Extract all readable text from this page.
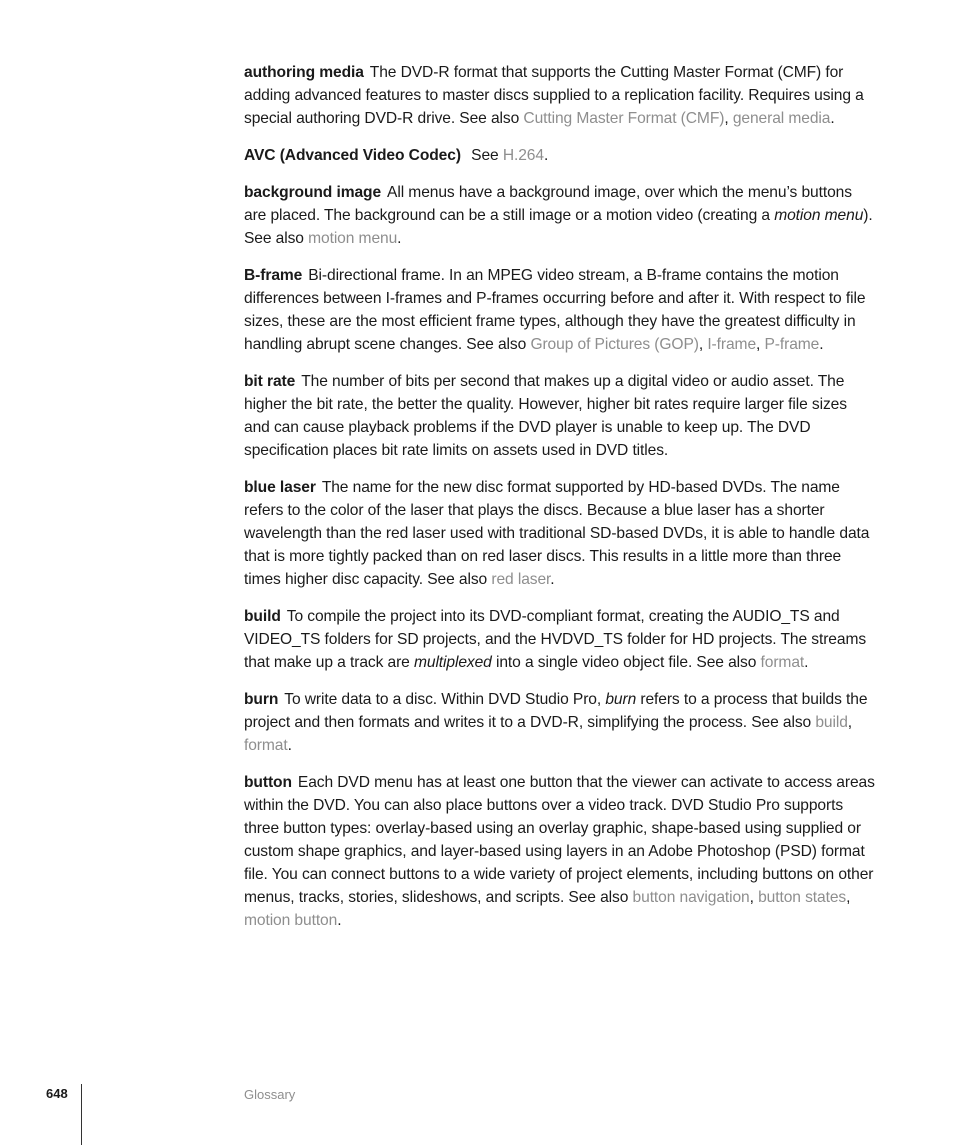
authoring media The DVD-R format that supports the Cutting Master Format (CMF) for adding advanced features to master discs supplied to a replication facility. Requires using a special authoring DVD-R drive. See also Cutting Master Format (CMF), general media.

AVC (Advanced Video Codec) See H.264.

background image All menus have a background image, over which the menu’s buttons are placed. The background can be a still image or a motion video (creating a motion menu). See also motion menu.

B-frame Bi-directional frame. In an MPEG video stream, a B-frame contains the motion differences between I-frames and P-frames occurring before and after it. With respect to file sizes, these are the most efficient frame types, although they have the greatest difficulty in handling abrupt scene changes. See also Group of Pictures (GOP), I-frame, P-frame.

bit rate The number of bits per second that makes up a digital video or audio asset. The higher the bit rate, the better the quality. However, higher bit rates require larger file sizes and can cause playback problems if the DVD player is unable to keep up. The DVD specification places bit rate limits on assets used in DVD titles.

blue laser The name for the new disc format supported by HD-based DVDs. The name refers to the color of the laser that plays the discs. Because a blue laser has a shorter wavelength than the red laser used with traditional SD-based DVDs, it is able to handle data that is more tightly packed than on red laser discs. This results in a little more than three times higher disc capacity. See also red laser.

build To compile the project into its DVD-compliant format, creating the AUDIO_TS and VIDEO_TS folders for SD projects, and the HVDVD_TS folder for HD projects. The streams that make up a track are multiplexed into a single video object file. See also format.

burn To write data to a disc. Within DVD Studio Pro, burn refers to a process that builds the project and then formats and writes it to a DVD-R, simplifying the process. See also build, format.

button Each DVD menu has at least one button that the viewer can activate to access areas within the DVD. You can also place buttons over a video track. DVD Studio Pro supports three button types: overlay-based using an overlay graphic, shape-based using supplied or custom shape graphics, and layer-based using layers in an Adobe Photoshop (PSD) format file. You can connect buttons to a wide variety of project elements, including buttons on other menus, tracks, stories, slideshows, and scripts. See also button navigation, button states, motion button.

648	Glossary
